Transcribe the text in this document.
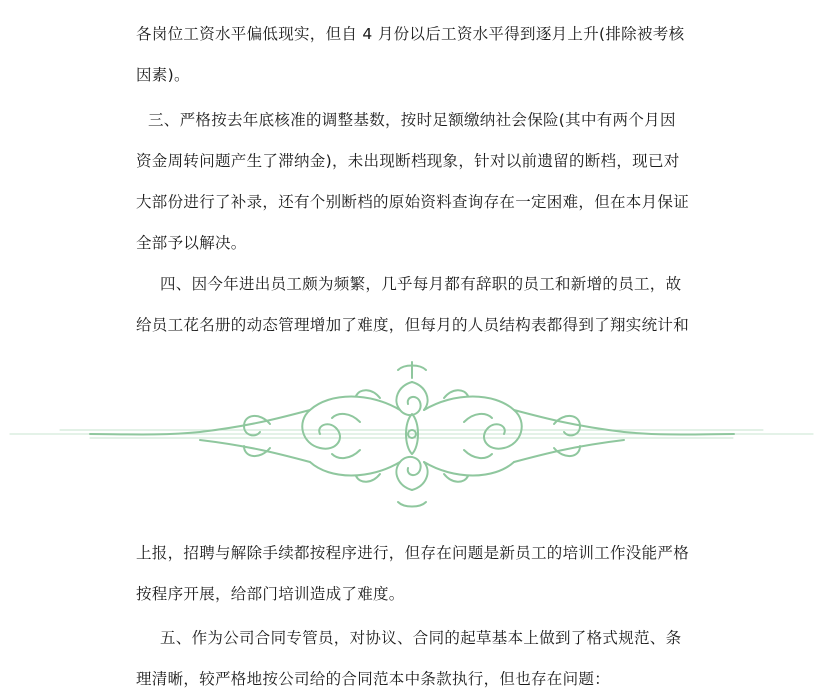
各岗位工资水平偏低现实，但自 4 月份以后工资水平得到逐月上升(排除被考核
因素)。
三、严格按去年底核准的调整基数，按时足额缴纳社会保险(其中有两个月因
资金周转问题产生了滞纳金)，未出现断档现象，针对以前遗留的断档，现已对
大部份进行了补录，还有个别断档的原始资料查询存在一定困难，但在本月保证
全部予以解决。
四、因今年进出员工颇为频繁，几乎每月都有辞职的员工和新增的员工，故
给员工花名册的动态管理增加了难度，但每月的人员结构表都得到了翔实统计和
上报，招聘与解除手续都按程序进行，但存在问题是新员工的培训工作没能严格
按程序开展，给部门培训造成了难度。
五、作为公司合同专管员，对协议、合同的起草基本上做到了格式规范、条
理清晰，较严格地按公司给的合同范本中条款执行，但也存在问题：
